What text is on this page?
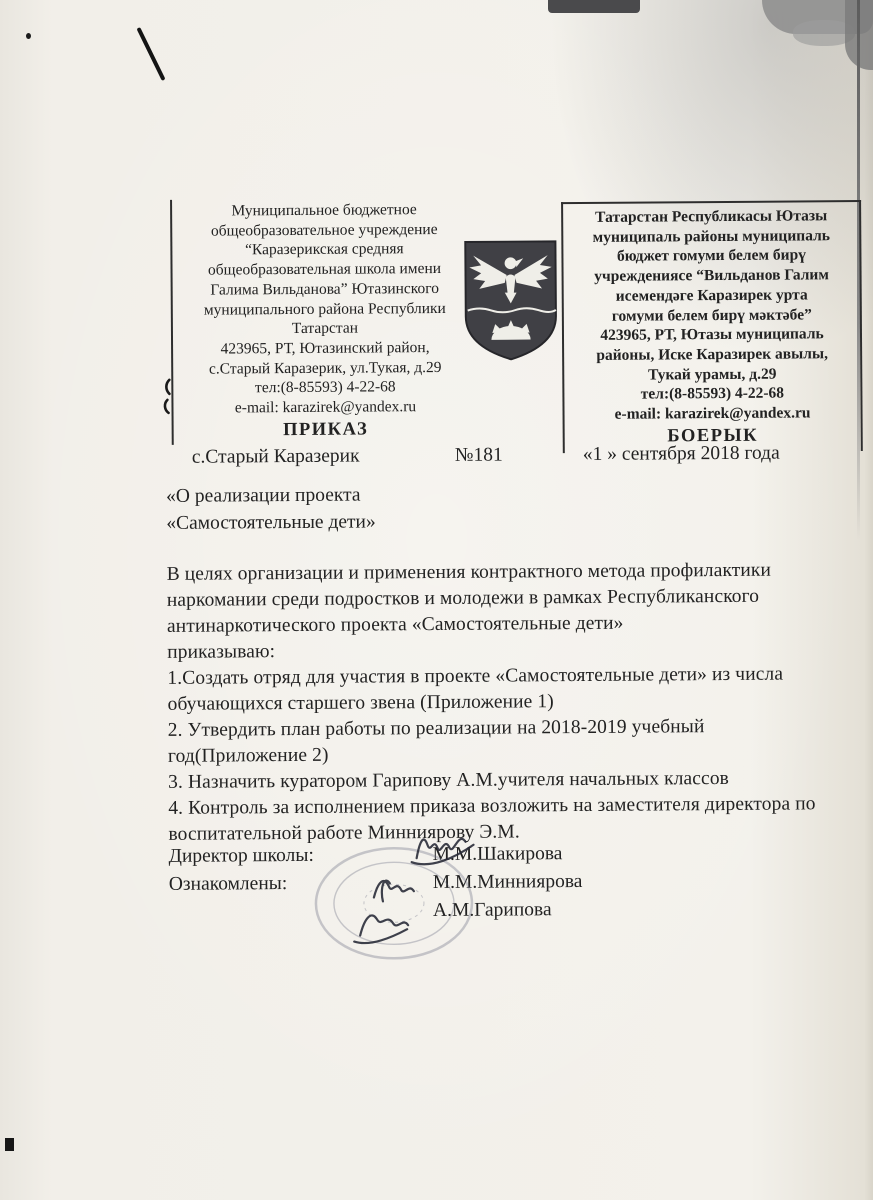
Муниципальное бюджетное
общеобразовательное учреждение
“Каразерикская средняя
общеобразовательная школа имени
Галима Вильданова” Ютазинского
муниципального района Республики
Татарстан
423965, РТ, Ютазинский район,
с.Старый Каразерик, ул.Тукая, д.29
тел:(8-85593) 4-22-68
e-mail: karazirek@yandex.ru
ПРИКАЗ
Татарстан Республикасы Ютазы
муниципаль районы муниципаль
бюджет гомуми белем бирү
учреждениясе “Вильданов Галим
исемендәге Каразирек урта
гомуми белем бирү мәктәбе”
423965, РТ, Ютазы муниципаль
районы, Иске Каразирек авылы,
Тукай урамы, д.29
тел:(8-85593) 4-22-68
e-mail: karazirek@yandex.ru
БОЕРЫК
с.Старый Каразерик	№181	«1 » сентября 2018 года
«О реализации проекта
«Самостоятельные дети»
В целях организации и применения контрактного метода профилактики
наркомании среди подростков и молодежи в рамках Республиканского
антинаркотического проекта «Самостоятельные дети»
приказываю:
1.Создать отряд для участия в проекте «Самостоятельные дети» из числа
обучающихся старшего звена (Приложение 1)
2. Утвердить план работы по реализации на 2018-2019 учебный
год(Приложение 2)
3. Назначить куратором Гарипову А.М.учителя начальных классов
4. Контроль за исполнением приказа возложить на заместителя директора по
воспитательной работе Минниярову Э.М.
Директор школы:	М.М.Шакирова
Ознакомлены:	М.М.Минниярова
А.М.Гарипова
